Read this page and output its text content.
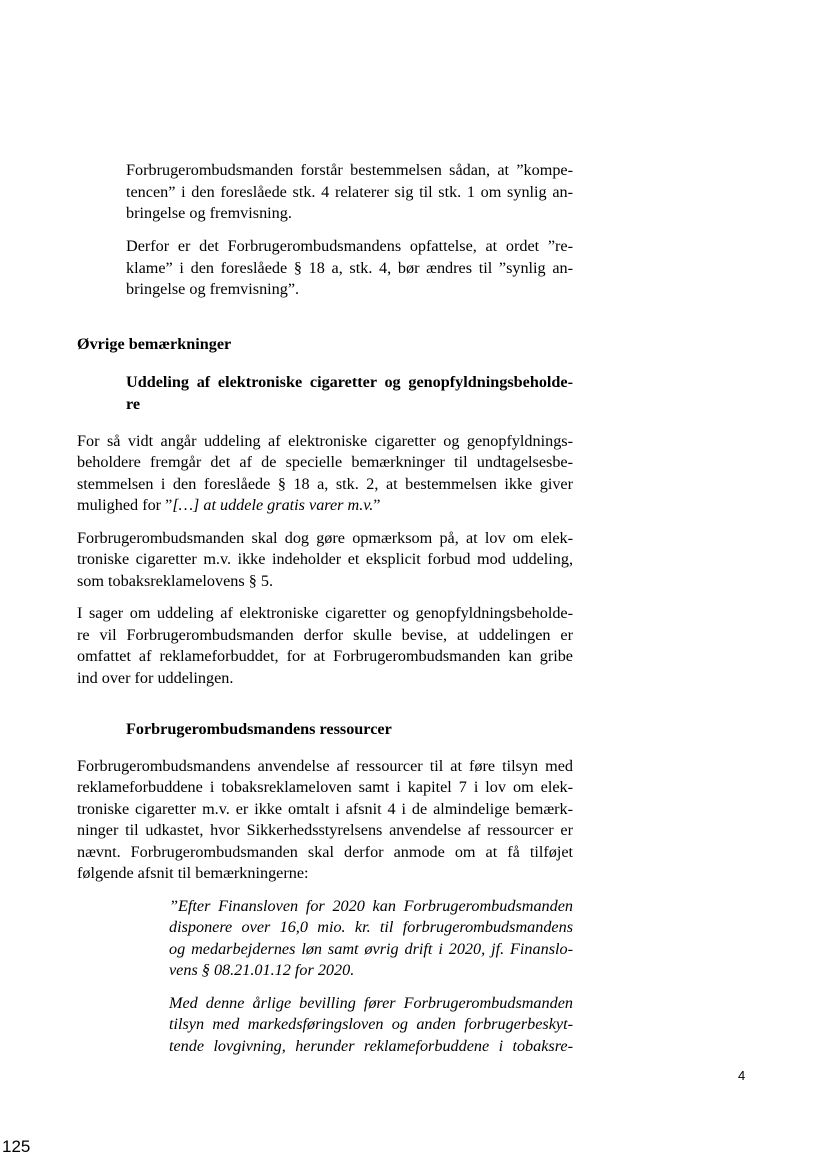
Forbrugerombudsmanden forstår bestemmelsen sådan, at ”kompe-
tencen” i den foreslåede stk. 4 relaterer sig til stk. 1 om synlig an-
bringelse og fremvisning.
Derfor er det Forbrugerombudsmandens opfattelse, at ordet ”re-
klame” i den foreslåede § 18 a, stk. 4, bør ændres til ”synlig an-
bringelse og fremvisning”.
Øvrige bemærkninger
Uddeling af elektroniske cigaretter og genopfyldningsbeholde-
re
For så vidt angår uddeling af elektroniske cigaretter og genopfyldnings-
beholdere fremgår det af de specielle bemærkninger til undtagelsesbe-
stemmelsen i den foreslåede § 18 a, stk. 2, at bestemmelsen ikke giver
mulighed for ”[…] at uddele gratis varer m.v.”
Forbrugerombudsmanden skal dog gøre opmærksom på, at lov om elek-
troniske cigaretter m.v. ikke indeholder et eksplicit forbud mod uddeling,
som tobaksreklamelovens § 5.
I sager om uddeling af elektroniske cigaretter og genopfyldningsbeholde-
re vil Forbrugerombudsmanden derfor skulle bevise, at uddelingen er
omfattet af reklameforbuddet, for at Forbrugerombudsmanden kan gribe
ind over for uddelingen.
Forbrugerombudsmandens ressourcer
Forbrugerombudsmandens anvendelse af ressourcer til at føre tilsyn med
reklameforbuddene i tobaksreklameloven samt i kapitel 7 i lov om elek-
troniske cigaretter m.v. er ikke omtalt i afsnit 4 i de almindelige bemærk-
ninger til udkastet, hvor Sikkerhedsstyrelsens anvendelse af ressourcer er
nævnt. Forbrugerombudsmanden skal derfor anmode om at få tilføjet
følgende afsnit til bemærkningerne:
”Efter Finansloven for 2020 kan Forbrugerombudsmanden
disponere over 16,0 mio. kr. til forbrugerombudsmandens
og medarbejdernes løn samt øvrig drift i 2020, jf. Finanslo-
vens § 08.21.01.12 for 2020.
Med denne årlige bevilling fører Forbrugerombudsmanden
tilsyn med markedsføringsloven og anden forbrugerbeskyt-
tende lovgivning, herunder reklameforbuddene i tobaksre-
4
125
